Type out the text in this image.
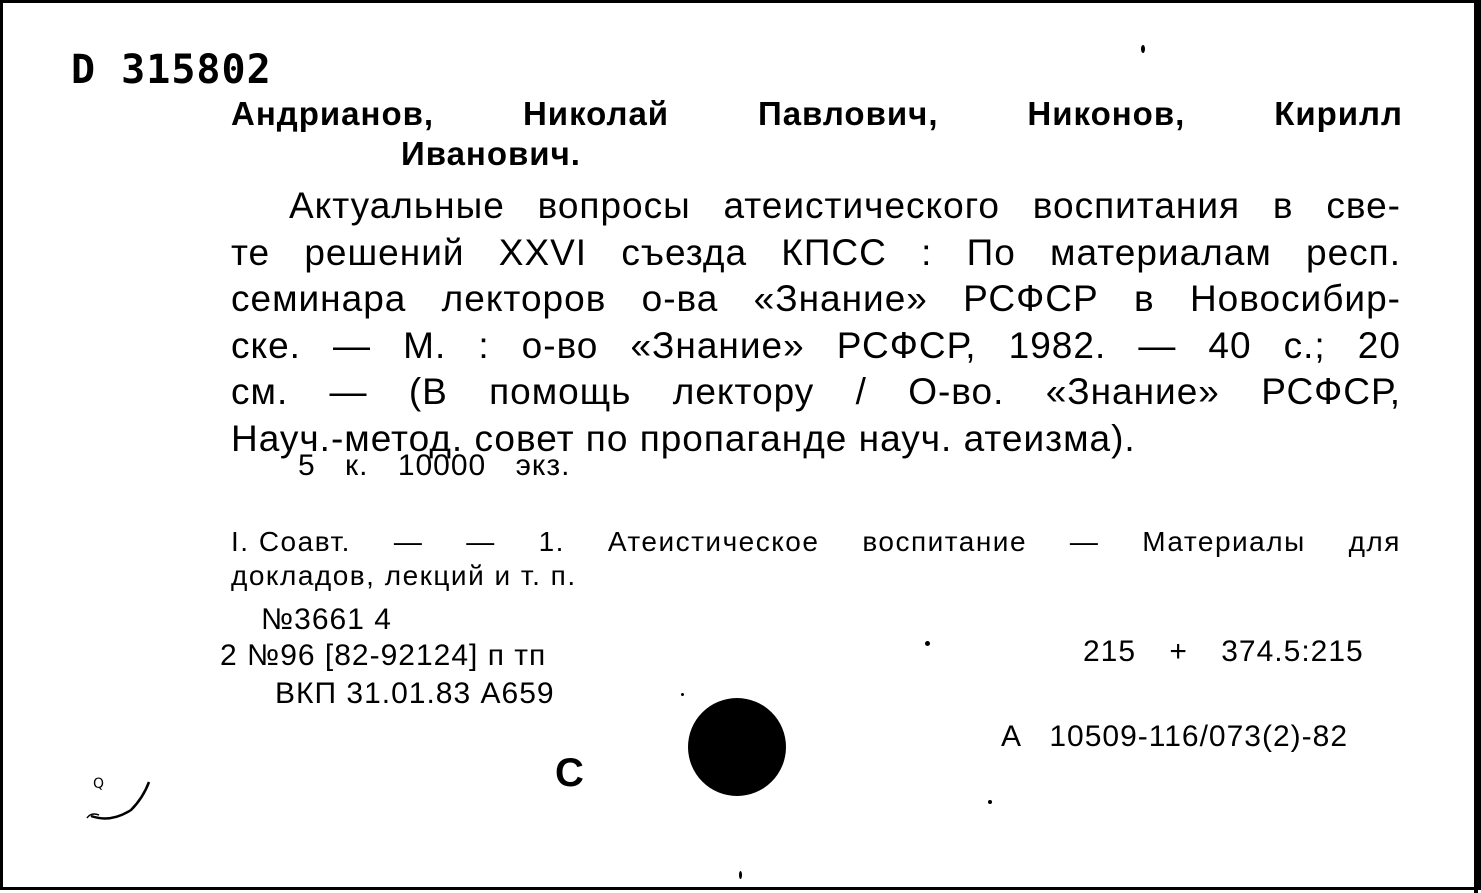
D 315802
Андрианов,	Николай	Павлович,	Никонов,	Кирилл
Иванович.
Актуальные вопросы атеистического воспитания в све-
те решений XXVI съезда КПСС : По материалам респ.
семинара лекторов о-ва «Знание» РСФСР в Новосибир-
ске. — М. : о-во «Знание» РСФСР, 1982. — 40 с.; 20
см. — (В помощь лектору / О-во. «Знание» РСФСР,
Науч.-метод. совет по пропаганде науч. атеизма).
5 к. 10000 экз.
I. Соавт. — — 1. Атеистическое воспитание — Материалы для
докладов, лекций и т. п.
№3661 4
2 №96 [82-92124] п тп
ВКП 31.01.83 А659
215 + 374.5:215
А 10509-116/073(2)-82
С
Q
